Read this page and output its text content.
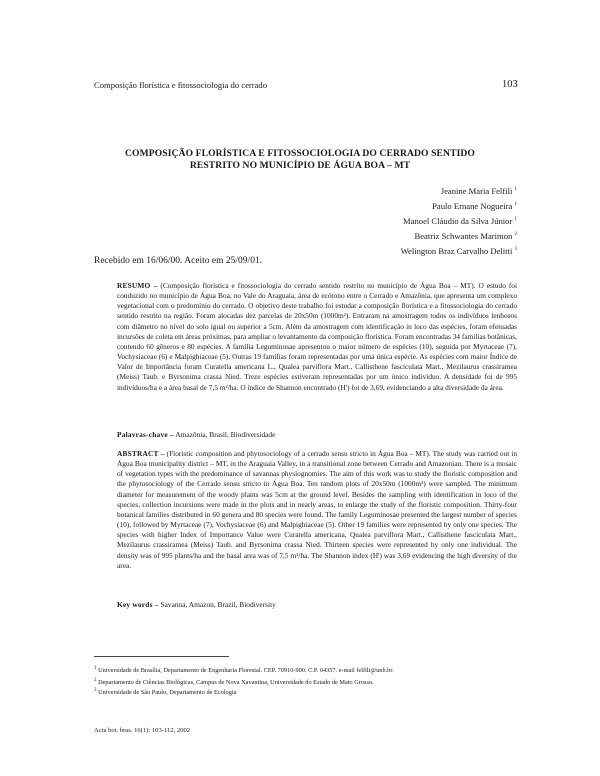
Composição florística e fitossociologia do cerrado	103
COMPOSIÇÃO FLORÍSTICA E FITOSSOCIOLOGIA DO CERRADO SENTIDO
RESTRITO NO MUNICÍPIO DE ÁGUA BOA – MT
Jeanine Maria Felfili $^1$
Paulo Ernane Nogueira $^1$
Manoel Cláudio da Silva Júnior $^1$
Beatriz Schwantes Marimon $^2$
Welington Braz Carvalho Delitti $^3$
Recebido em 16/06/00. Aceito em 25/09/01.
RESUMO – (Composição florística e fitossociologia do cerrado sentido restrito no município de Água Boa – MT). O estudo foi conduzido no município de Água Boa, no Vale do Araguaia, área de ecótono entre o Cerrado e Amazônia, que apresenta um complexo vegetacional com o predomínio do cerrado. O objetivo deste trabalho foi estudar a composição florística e a fitossociologia do cerrado sentido restrito na região. Foram alocadas dez parcelas de 20x50m (1000m²). Entraram na amostragem todos os indivíduos lenhosos com diâmetro no nível do solo igual ou superior a 5cm. Além da amostragem com identificação in loco das espécies, foram efetuadas incursões de coleta em áreas próximas, para ampliar o levantamento da composição florística. Foram encontradas 34 famílias botânicas, contendo 60 gêneros e 80 espécies. A família Leguminosae apresentou o maior número de espécies (10), seguida por Myrtaceae (7), Vochysiaceae (6) e Malpighiaceae (5). Outras 19 famílias foram representadas por uma única espécie. As espécies com maior Índice de Valor de Importância foram Curatella americana L., Qualea parviflora Mart., Callisthene fasciculata Mart., Mezilaurus crassiramea (Meiss) Taub. e Byrsonima crassa Nied. Treze espécies estiveram representadas por um único indivíduo. A densidade foi de 995 indivíduos/ha e a área basal de 7,5 m²/ha. O índice de Shannon encontrado (H') foi de 3,69, evidenciando a alta diversidade da área.
Palavras-chave – Amazônia, Brasil, Biodiversidade
ABSTRACT – (Floristic composition and phytosociology of a cerrado sensu stricto in Água Boa – MT). The study was carried out in Água Boa municipality district – MT, in the Araguaia Valley, in a transitional zone between Cerrado and Amazonian. There is a mosaic of vegetation types with the predominance of savannas physiognomies. The aim of this work was to study the floristic composition and the phytosociology of the Cerrado sensu stricto in Água Boa. Ten random plots of 20x50m (1000m²) were sampled. The minimum diameter for measurement of the woody plants was 5cm at the ground level. Besides the sampling with identification in loco of the species, collection incursions were made in the plots and in nearly areas, to enlarge the study of the floristic composition. Thirty-four botanical families distributed in 60 genera and 80 species were found. The family Leguminosae presented the largest number of species (10), followed by Myrtaceae (7), Vochysiaceae (6) and Malpighiaceae (5). Other 19 families were represented by only one species. The species with higher Index of Importance Value were Curatella americana, Qualea parviflora Mart., Callisthene fasciculata Mart., Mezilaurus crassiramea (Meiss) Taub. and Byrsonima crassa Nied. Thirteen species were represented by only one individual. The density was of 995 plants/ha and the basal area was of 7,5 m²/ha. The Shannon index (H') was 3,69 evidencing the high diversity of the area.
Key words – Savanna, Amazon, Brazil, Biodiversity
$^1$ Universidade de Brasília, Departamento de Engenharia Florestal. CEP. 70910-900. C.P. 04357. e-mail felfili@unb.br.
$^2$ Departamento de Ciências Biológicas, Campus de Nova Xavantina, Universidade do Estado de Mato Grosso.
$^3$ Universidade de São Paulo, Departamento de Ecologia
Acta bot. bras. 16(1): 103-112, 2002
